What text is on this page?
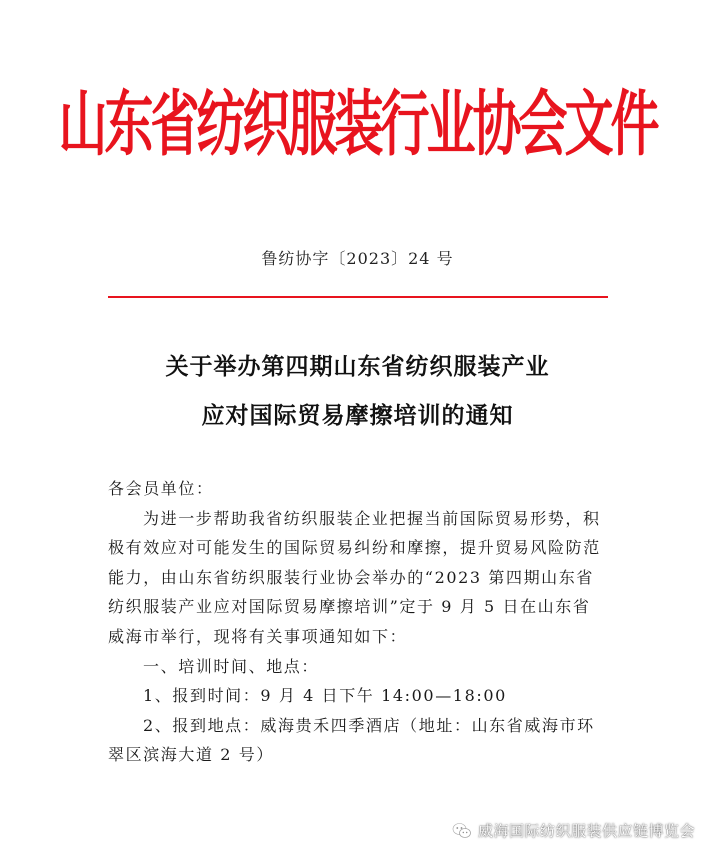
山东省纺织服装行业协会文件
鲁纺协字〔2023〕24 号
关于举办第四期山东省纺织服装产业
应对国际贸易摩擦培训的通知

各会员单位：

为进一步帮助我省纺织服装企业把握当前国际贸易形势，积极有效应对可能发生的国际贸易纠纷和摩擦，提升贸易风险防范能力，由山东省纺织服装行业协会举办的“2023 第四期山东省纺织服装产业应对国际贸易摩擦培训”定于 9 月 5 日在山东省威海市举行，现将有关事项通知如下：

一、培训时间、地点：

1、报到时间：9 月 4 日下午 14:00—18:00

2、报到地点：威海贵禾四季酒店（地址：山东省威海市环翠区滨海大道 2 号）

威海国际纺织服装供应链博览会
